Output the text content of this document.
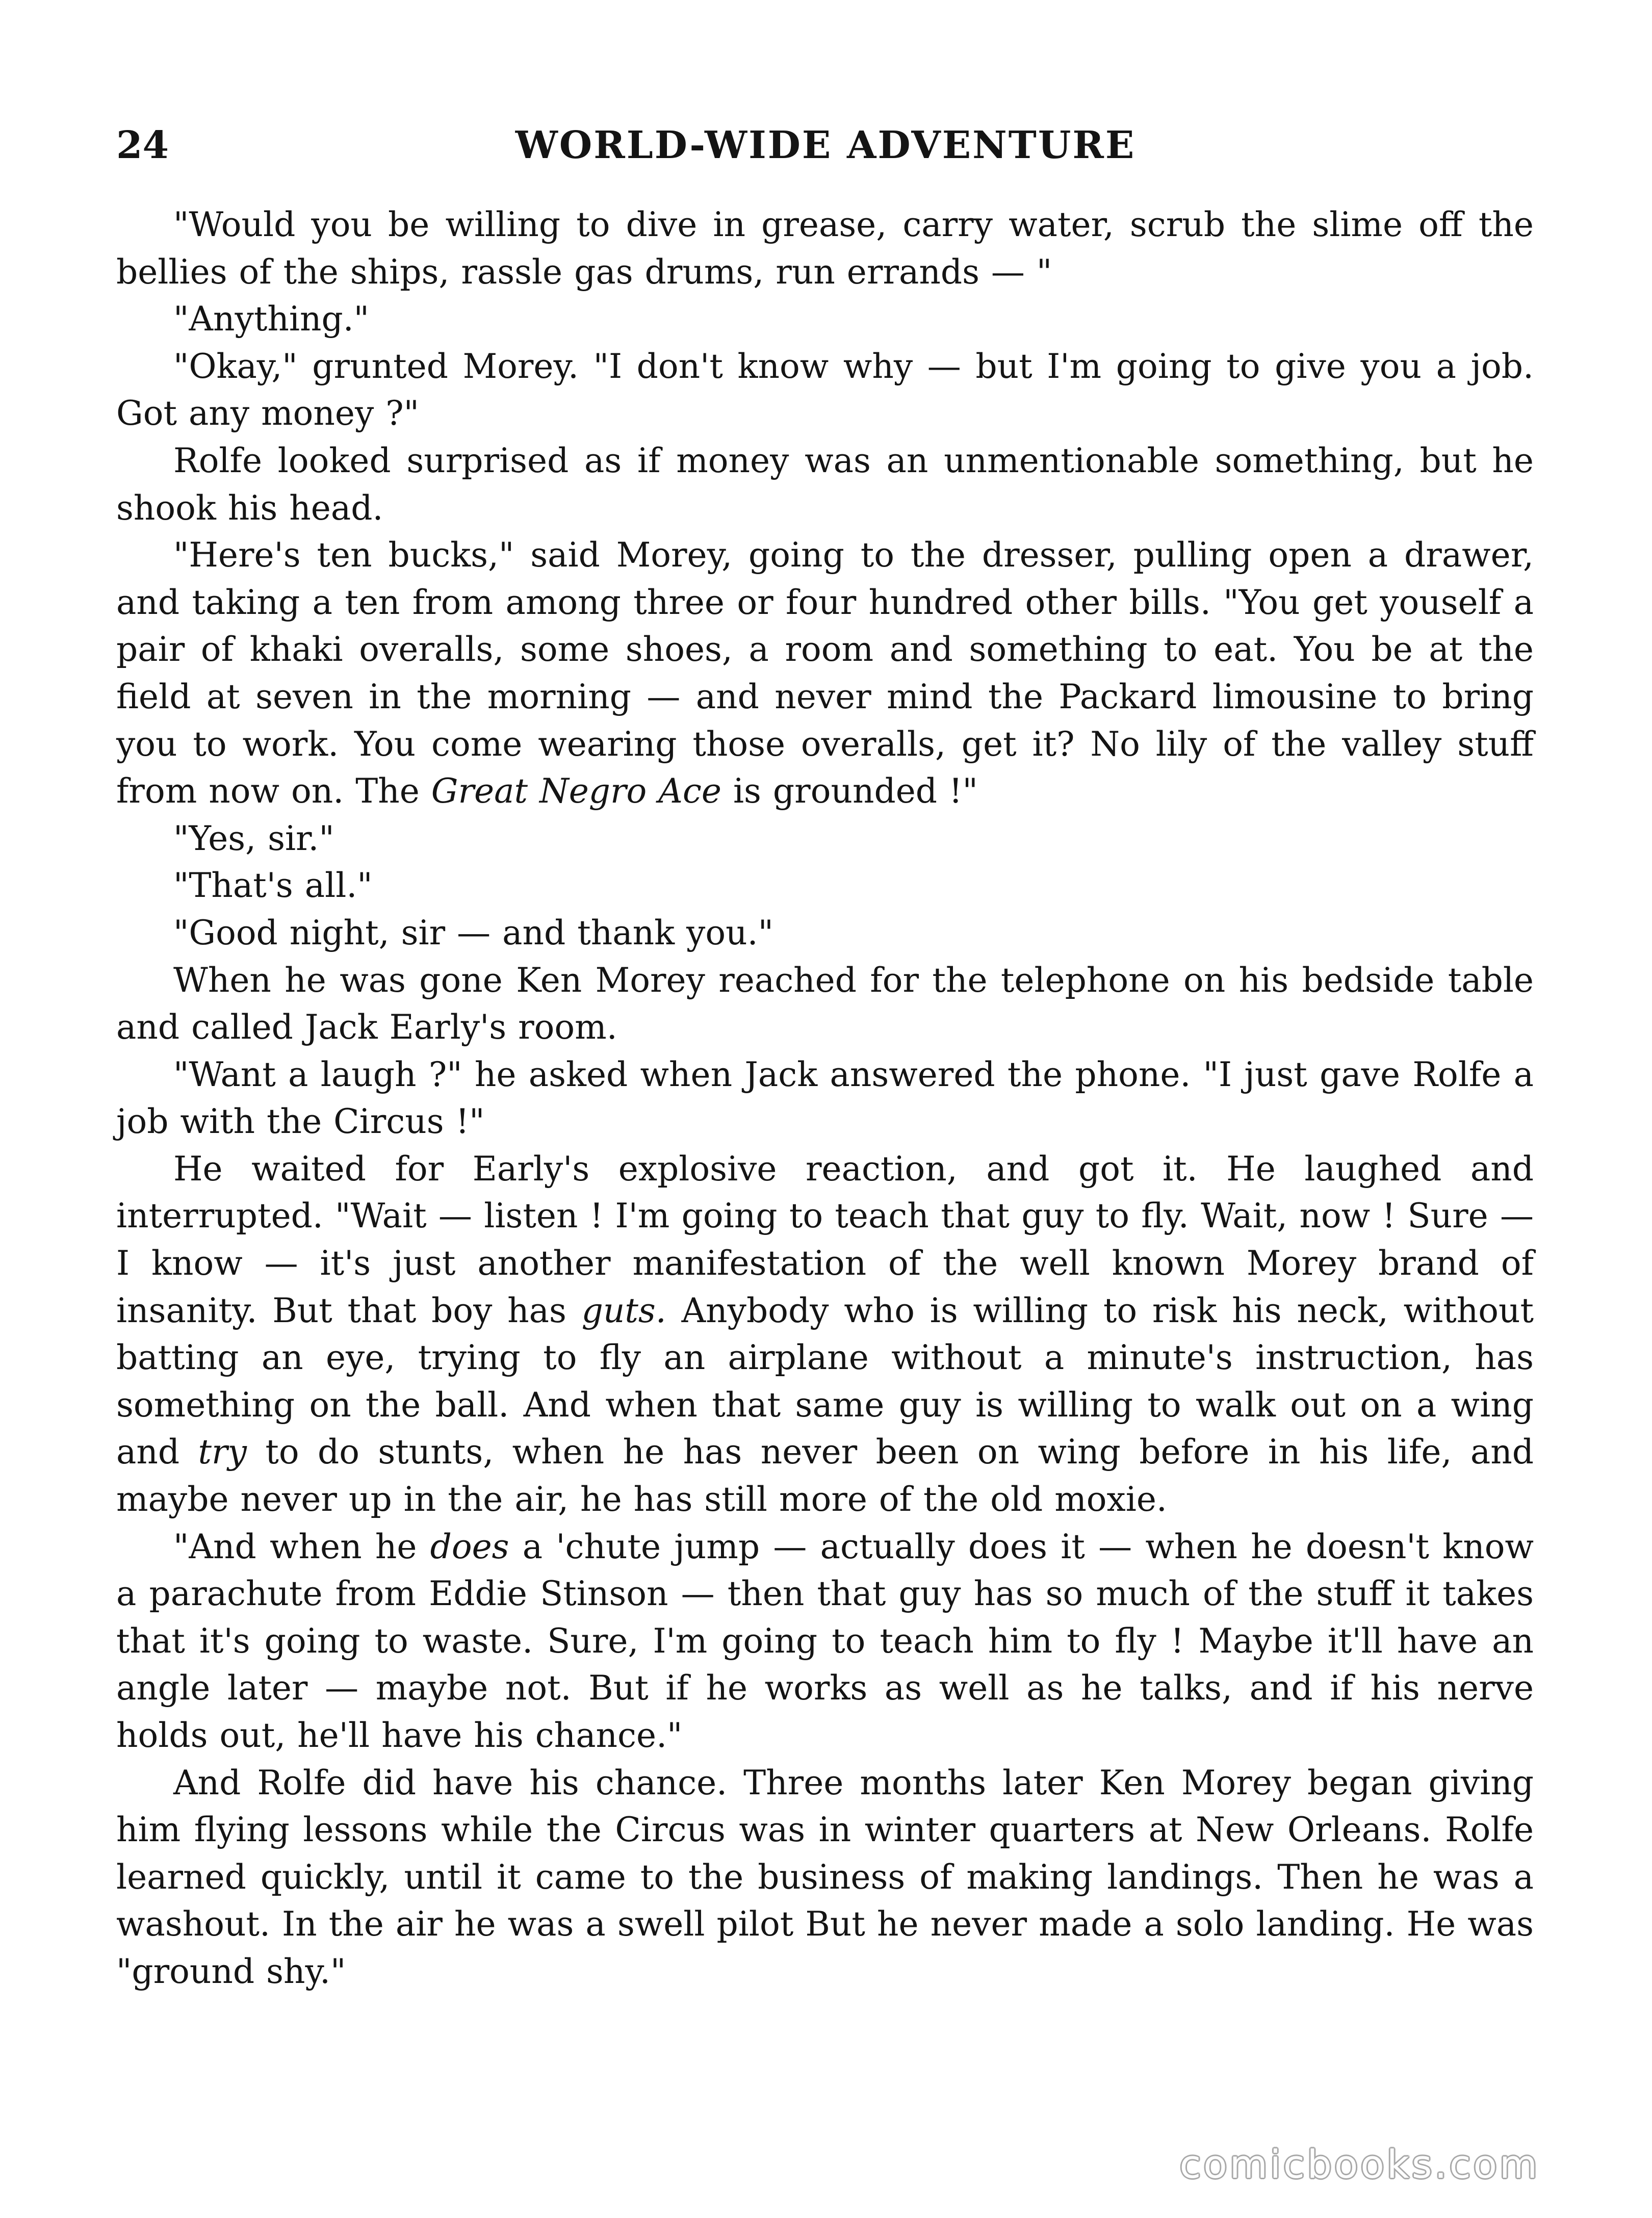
24	WORLD-WIDE ADVENTURE

"Would you be willing to dive in grease, carry water, scrub the slime off the bellies of the ships, rassle gas drums, run errands — "

"Anything."

"Okay," grunted Morey. "I don't know why — but I'm going to give you a job. Got any money ?"

Rolfe looked surprised as if money was an unmentionable something, but he shook his head.

"Here's ten bucks," said Morey, going to the dresser, pulling open a drawer, and taking a ten from among three or four hundred other bills. "You get youself a pair of khaki overalls, some shoes, a room and something to eat. You be at the field at seven in the morning — and never mind the Packard limousine to bring you to work. You come wearing those overalls, get it? No lily of the valley stuff from now on. The Great Negro Ace is grounded !"

"Yes, sir."

"That's all."

"Good night, sir — and thank you."

When he was gone Ken Morey reached for the telephone on his bedside table and called Jack Early's room.

"Want a laugh ?" he asked when Jack answered the phone. "I just gave Rolfe a job with the Circus !"

He waited for Early's explosive reaction, and got it. He laughed and interrupted. "Wait — listen ! I'm going to teach that guy to fly. Wait, now ! Sure — I know — it's just another manifestation of the well known Morey brand of insanity. But that boy has guts. Anybody who is willing to risk his neck, without batting an eye, trying to fly an airplane without a minute's instruction, has something on the ball. And when that same guy is willing to walk out on a wing and try to do stunts, when he has never been on wing before in his life, and maybe never up in the air, he has still more of the old moxie.

"And when he does a 'chute jump — actually does it — when he doesn't know a parachute from Eddie Stinson — then that guy has so much of the stuff it takes that it's going to waste. Sure, I'm going to teach him to fly ! Maybe it'll have an angle later — maybe not. But if he works as well as he talks, and if his nerve holds out, he'll have his chance."

And Rolfe did have his chance. Three months later Ken Morey began giving him flying lessons while the Circus was in winter quarters at New Orleans. Rolfe learned quickly, until it came to the business of making landings. Then he was a washout. In the air he was a swell pilot But he never made a solo landing. He was "ground shy."

comicbooks.com
